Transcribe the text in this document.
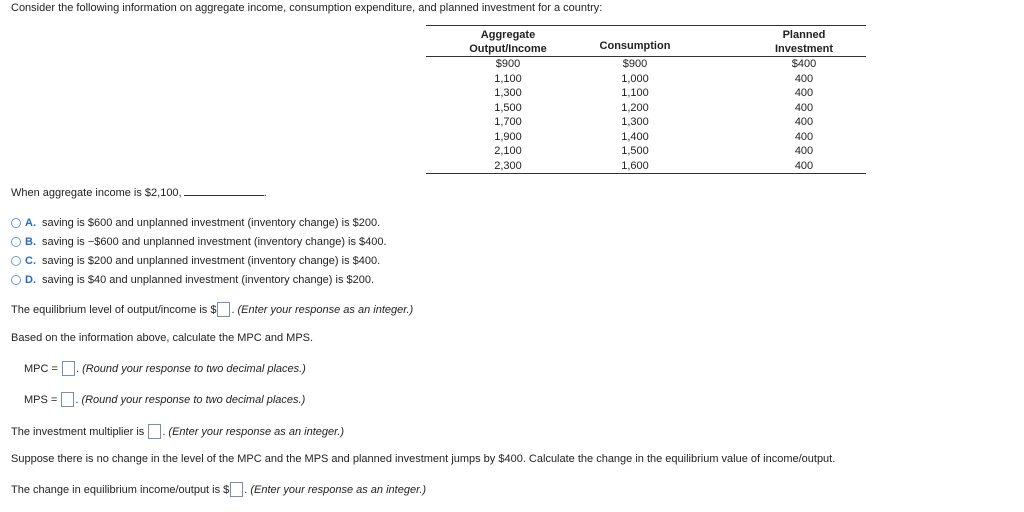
Consider the following information on aggregate income, consumption expenditure, and planned investment for a country:
Aggregate
Output/Income	Consumption
Planned
Investment
$900	$900	$400
1,100	1,000	400
1,300	1,100	400
1,500	1,200	400
1,700	1,300	400
1,900	1,400	400
2,100	1,500	400
2,300	1,600	400
When aggregate income is $2,100,	.
A. saving is $600 and unplanned investment (inventory change) is $200.
B. saving is −$600 and unplanned investment (inventory change) is $400.
C. saving is $200 and unplanned investment (inventory change) is $400.
D. saving is $40 and unplanned investment (inventory change) is $200.
The equilibrium level of output/income is $ . (Enter your response as an integer.)
Based on the information above, calculate the MPC and MPS.
MPC = . (Round your response to two decimal places.)
MPS = . (Round your response to two decimal places.)
The investment multiplier is . (Enter your response as an integer.)
Suppose there is no change in the level of the MPC and the MPS and planned investment jumps by $400. Calculate the change in the equilibrium value of income/output.
The change in equilibrium income/output is $ . (Enter your response as an integer.)
